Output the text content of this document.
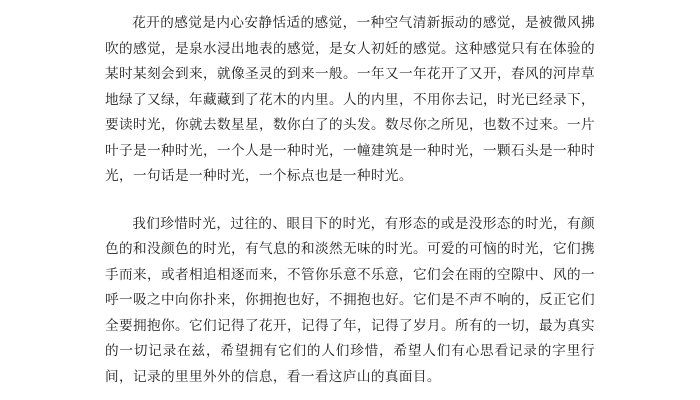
花开的感觉是内心安静恬适的感觉，一种空气清新振动的感觉，是被微风拂吹的感觉，是泉水浸出地表的感觉，是女人初妊的感觉。这种感觉只有在体验的某时某刻会到来，就像圣灵的到来一般。一年又一年花开了又开，春风的河岸草地绿了又绿，年藏藏到了花木的内里。人的内里，不用你去记，时光已经录下，要读时光，你就去数星星，数你白了的头发。数尽你之所见，也数不过来。一片叶子是一种时光，一个人是一种时光，一幢建筑是一种时光，一颗石头是一种时光，一句话是一种时光，一个标点也是一种时光。

我们珍惜时光，过往的、眼目下的时光，有形态的或是没形态的时光，有颜色的和没颜色的时光，有气息的和淡然无味的时光。可爱的可恼的时光，它们携手而来，或者相追相逐而来，不管你乐意不乐意，它们会在雨的空隙中、风的一呼一吸之中向你扑来，你拥抱也好，不拥抱也好。它们是不声不响的，反正它们全要拥抱你。它们记得了花开，记得了年，记得了岁月。所有的一切，最为真实的一切记录在兹，希望拥有它们的人们珍惜，希望人们有心思看记录的字里行间，记录的里里外外的信息，看一看这庐山的真面目。
